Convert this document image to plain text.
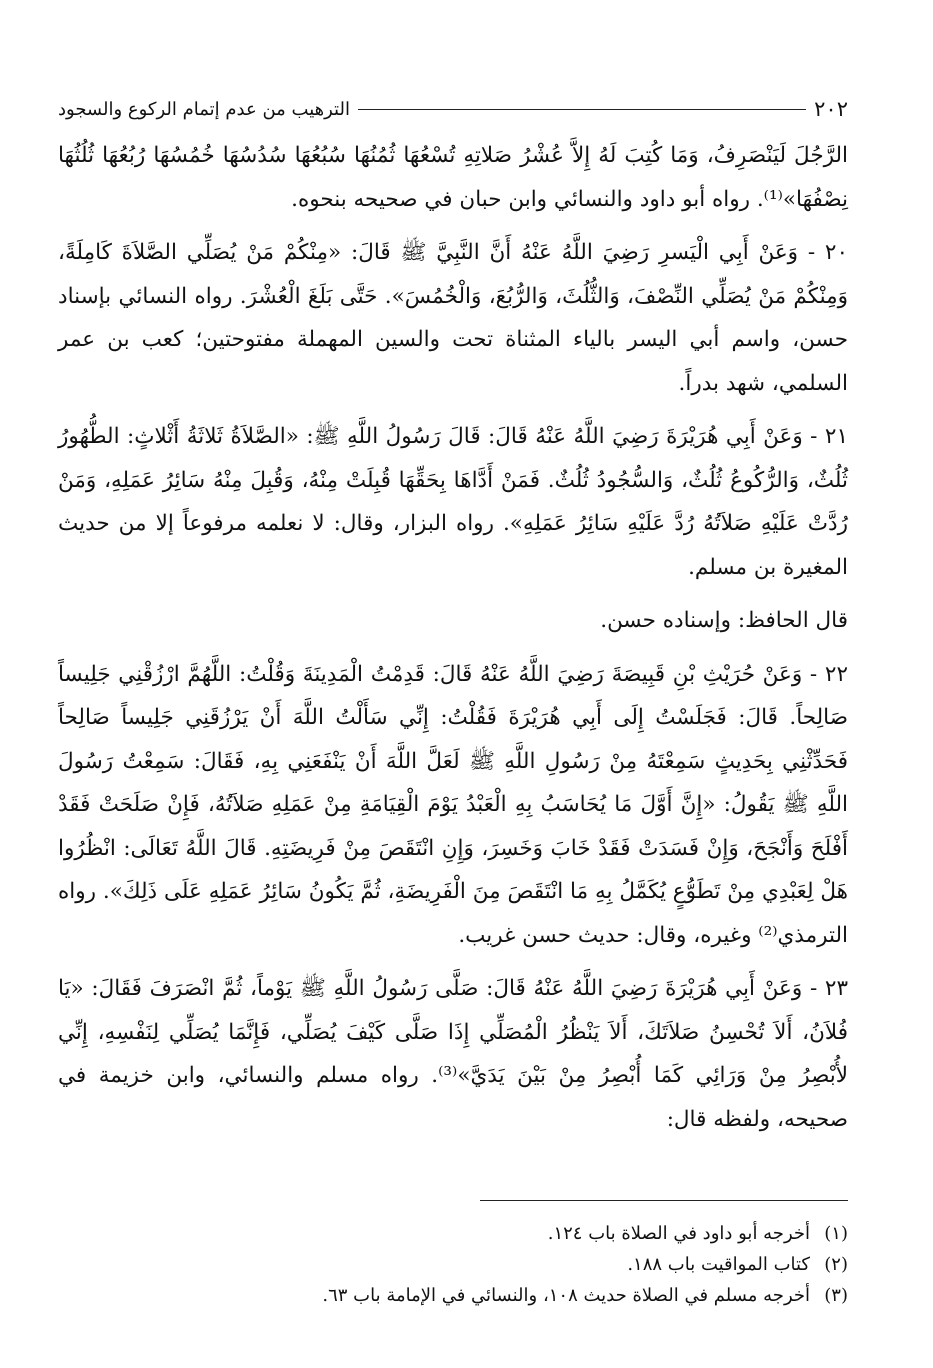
٢٠٢
الترهيب من عدم إتمام الركوع والسجود

الرَّجُلَ لَيَنْصَرِفُ، وَمَا كُتِبَ لَهُ إِلاَّ عُشْرُ صَلاتِهِ تُسْعُهَا ثُمُنُهَا سُبُعُهَا سُدُسُهَا خُمُسُهَا رُبُعُهَا ثُلُثُهَا نِصْفُهَا»⁽¹⁾. رواه أبو داود والنسائي وابن حبان في صحيحه بنحوه.

٢٠ - وَعَنْ أَبِي الْيَسرِ رَضِيَ اللَّهُ عَنْهُ أَنَّ النَّبِيَّ ﷺ قَالَ: «مِنْكُمْ مَنْ يُصَلِّي الصَّلاَةَ كَامِلَةً، وَمِنْكُمْ مَنْ يُصَلِّي النِّصْفَ، وَالثُّلُثَ، وَالرُّبُعَ، وَالْخُمُسَ». حَتَّى بَلَغَ الْعُشْرَ. رواه النسائي بإسناد حسن، واسم أبي اليسر بالياء المثناة تحت والسين المهملة مفتوحتين؛ كعب بن عمر السلمي، شهد بدراً.

٢١ - وَعَنْ أَبِي هُرَيْرَةَ رَضِيَ اللَّهُ عَنْهُ قَالَ: قَالَ رَسُولُ اللَّهِ ﷺ: «الصَّلاَةُ ثَلاثَةُ أَثْلاثٍ: الطُّهُورُ ثُلُثٌ، وَالرُّكُوعُ ثُلُثٌ، وَالسُّجُودُ ثُلُثٌ. فَمَنْ أَدَّاهَا بِحَقِّهَا قُبِلَتْ مِنْهُ، وَقُبِلَ مِنْهُ سَائِرُ عَمَلِهِ، وَمَنْ رُدَّتْ عَلَيْهِ صَلاَتُهُ رُدَّ عَلَيْهِ سَائِرُ عَمَلِهِ». رواه البزار، وقال: لا نعلمه مرفوعاً إلا من حديث المغيرة بن مسلم.

قال الحافظ: وإسناده حسن.

٢٢ - وَعَنْ حُرَيْثِ بْنِ قَبِيصَةَ رَضِيَ اللَّهُ عَنْهُ قَالَ: قَدِمْتُ الْمَدِينَةَ وَقُلْتُ: اللَّهُمَّ ارْزُقْنِي جَلِيساً صَالِحاً. قَالَ: فَجَلَسْتُ إِلَى أَبِي هُرَيْرَةَ فَقُلْتُ: إِنِّي سَأَلْتُ اللَّهَ أَنْ يَرْزُقَنِي جَلِيساً صَالِحاً فَحَدِّثْنِي بِحَدِيثٍ سَمِعْتَهُ مِنْ رَسُولِ اللَّهِ ﷺ لَعَلَّ اللَّهَ أَنْ يَنْفَعَنِي بِهِ، فَقَالَ: سَمِعْتُ رَسُولَ اللَّهِ ﷺ يَقُولُ: «إِنَّ أَوَّلَ مَا يُحَاسَبُ بِهِ الْعَبْدُ يَوْمَ الْقِيَامَةِ مِنْ عَمَلِهِ صَلاَتُهُ، فَإِنْ صَلَحَتْ فَقَدْ أَفْلَحَ وَأَنْجَحَ، وَإِنْ فَسَدَتْ فَقَدْ خَابَ وَخَسِرَ، وَإِنِ انْتَقَصَ مِنْ فَرِيضَتِهِ. قَالَ اللَّهُ تَعَالَى: انْظُرُوا هَلْ لِعَبْدِي مِنْ تَطَوُّعٍ يُكَمَّلُ بِهِ مَا انْتَقَصَ مِنَ الْفَرِيضَةِ، ثُمَّ يَكُونُ سَائِرُ عَمَلِهِ عَلَى ذَلِكَ». رواه الترمذي⁽²⁾ وغيره، وقال: حديث حسن غريب.

٢٣ - وَعَنْ أَبِي هُرَيْرَةَ رَضِيَ اللَّهُ عَنْهُ قَالَ: صَلَّى رَسُولُ اللَّهِ ﷺ يَوْماً، ثُمَّ انْصَرَفَ فَقَالَ: «يَا فُلاَنُ، أَلاَ تُحْسِنُ صَلاَتَكَ، أَلاَ يَنْظُرُ الْمُصَلِّي إِذَا صَلَّى كَيْفَ يُصَلِّي، فَإِنَّمَا يُصَلِّي لِنَفْسِهِ، إِنِّي لأُبْصِرُ مِنْ وَرَائِي كَمَا أُبْصِرُ مِنْ بَيْنَ يَدَيَّ»⁽³⁾. رواه مسلم والنسائي، وابن خزيمة في صحيحه، ولفظه قال:

(١)
أخرجه أبو داود في الصلاة باب ١٢٤.
(٢)
كتاب المواقيت باب ١٨٨.
(٣)
أخرجه مسلم في الصلاة حديث ١٠٨، والنسائي في الإمامة باب ٦٣.
